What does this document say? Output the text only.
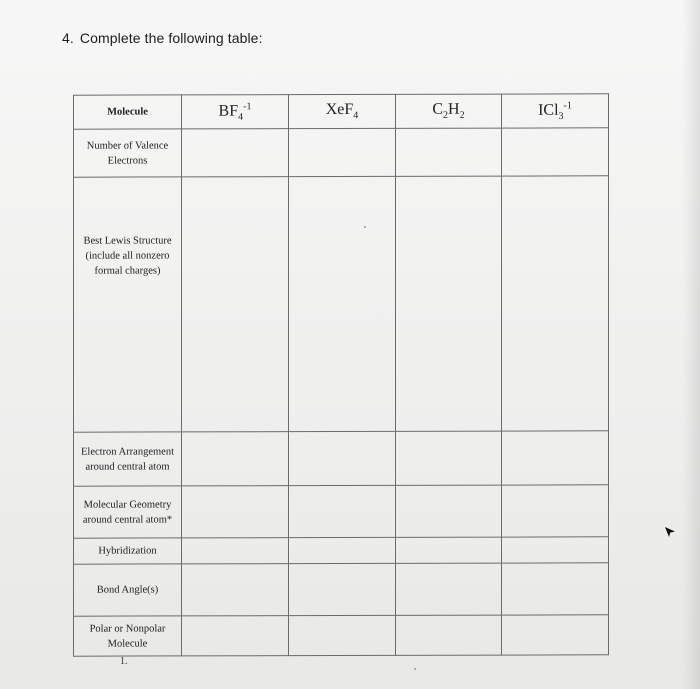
4. Complete the following table:
Molecule	$BF_4^{-1}$	XeF$_4$	$C_2H_2$	ICl$_3^{-1}$
Number of Valence Electrons				
Best Lewis Structure (include all nonzero formal charges)				
Electron Arrangement around central atom				
Molecular Geometry around central atom*				
Hybridization				
Bond Angle(s)				
Polar or Nonpolar Molecule				
1.
